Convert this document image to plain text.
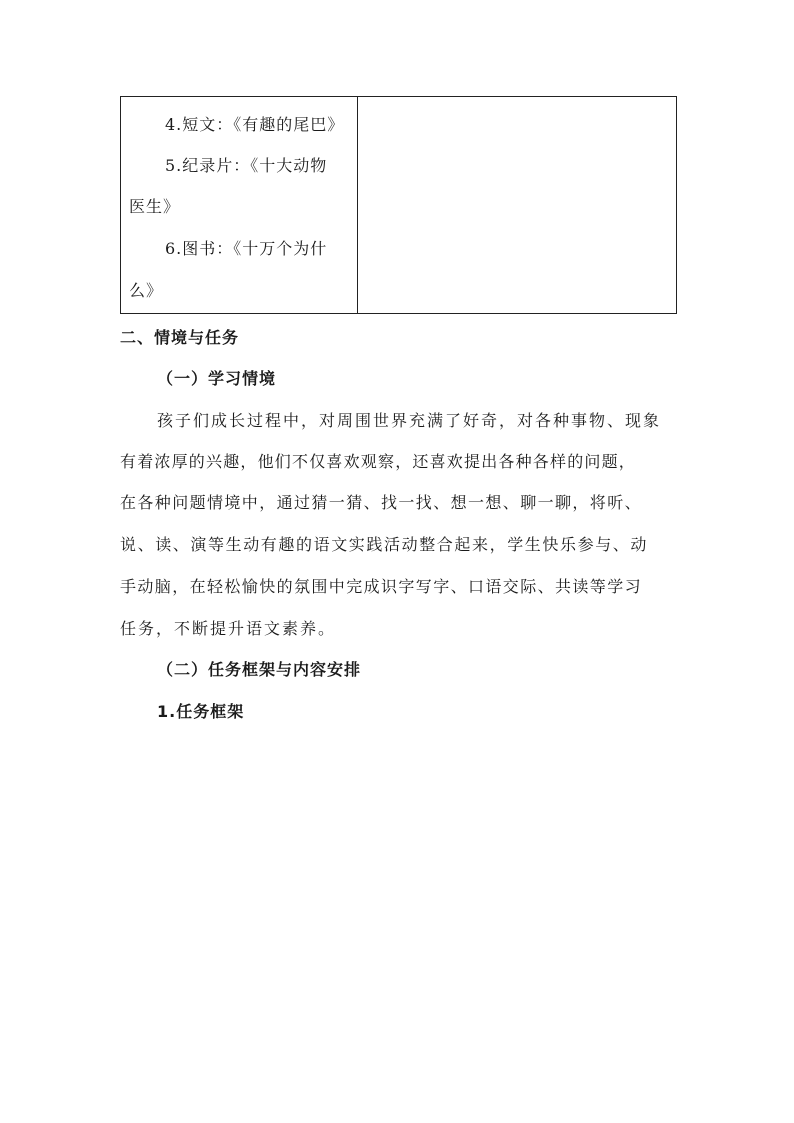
4.短文：《有趣的尾巴》
5.纪录片：《十大动物
医生》
6.图书：《十万个为什
么》
二、情境与任务
（一）学习情境
孩子们成长过程中，对周围世界充满了好奇，对各种事物、现象
有着浓厚的兴趣，他们不仅喜欢观察，还喜欢提出各种各样的问题，
在各种问题情境中，通过猜一猜、找一找、想一想、聊一聊，将听、
说、读、演等生动有趣的语文实践活动整合起来，学生快乐参与、动
手动脑，在轻松愉快的氛围中完成识字写字、口语交际、共读等学习
任务，不断提升语文素养。
（二）任务框架与内容安排
1.任务框架
